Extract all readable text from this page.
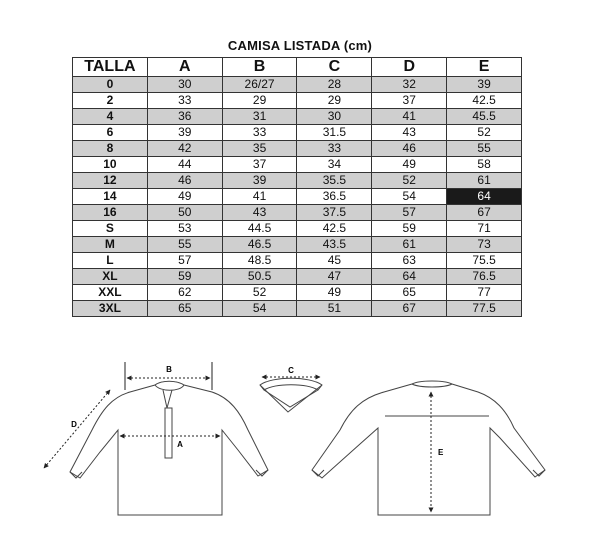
CAMISA LISTADA (cm)
TALLA	A	B	C	D	E
0	30	26/27	28	32	39
2	33	29	29	37	42.5
4	36	31	30	41	45.5
6	39	33	31.5	43	52
8	42	35	33	46	55
10	44	37	34	49	58
12	46	39	35.5	52	61
14	49	41	36.5	54	64
16	50	43	37.5	57	67
S	53	44.5	42.5	59	71
M	55	46.5	43.5	61	73
L	57	48.5	45	63	75.5
XL	59	50.5	47	64	76.5
XXL	62	52	49	65	77
3XL	65	54	51	67	77.5
B
A
D
C
E
